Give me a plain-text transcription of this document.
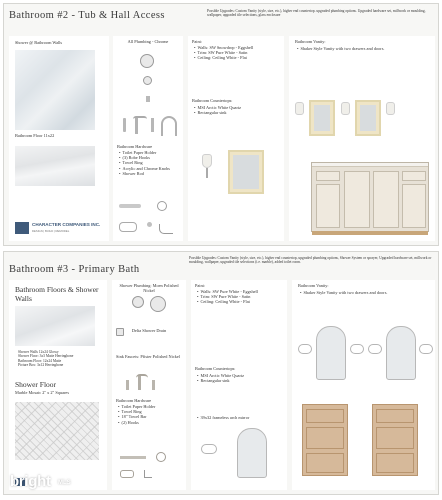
Bathroom #2 - Tub & Hall Access	Possible Upgrades: Custom Vanity (style, size, etc.), higher end countertop. upgraded plumbing options. Upgraded hardware set, millwork or moulding, wallpaper, upgraded tile selections, glass enclosure
Shower @ Bathroom Walls
Bathroom Floor 11x22
CHARACTER COMPANIES INC.
DESIGN | BUILD | REMODEL
All Plumbing - Chrome
Bathroom Hardware
• Toilet Paper Holder
• (3) Robe Hooks
• Towel Ring
• Acrylic and Chrome Knobs
• Shower Rod
Paint:
• Walls: SW Snowdrop - Eggshell
• Trim: SW Pure White - Satin
• Ceiling: Ceiling White - Flat
Bathroom Countertops:
• MSI Arctic White Quartz
• Rectangular sink
Bathroom Vanity:
• Shaker Style Vanity with two drawers and doors.
Bathroom #3 - Primary Bath
Possible Upgrades: Custom Vanity (style, size, etc.), higher end countertop, upgraded plumbing options, Shower System or sprayer, Upgraded hardware set, millwork or moulding, wallpaper, upgraded tile selections (i.e. marble), added toilet room.
Bathroom Floors & Shower Walls
Shower Walls 12x24 Glossy
Shower Floor: 3x3 Matte Herringbone
Bathroom Floor: 12x24 Matte
Picture Box: 3x12 Herringbone
Shower Floor
Marble Mosaic 2" x 2" Squares
Shower Plumbing: Moen Polished Nickel
Delta Shower Drain
Sink Faucets: Pfister Polished Nickel
Bathroom Hardware
• Toilet Paper Holder
• Towel Ring
• 18" Towel Bar
• (2) Hooks
Paint:
• Walls: SW Pure White - Eggshell
• Trim: SW Pure White - Satin
• Ceiling: Ceiling White - Flat
Bathroom Countertops:
• MSI Arctic White Quartz
• Rectangular sink
• 39x32 frameless arch mirror
Bathroom Vanity:
• Shaker Style Vanity with two drawers and doors.
bright MLS
